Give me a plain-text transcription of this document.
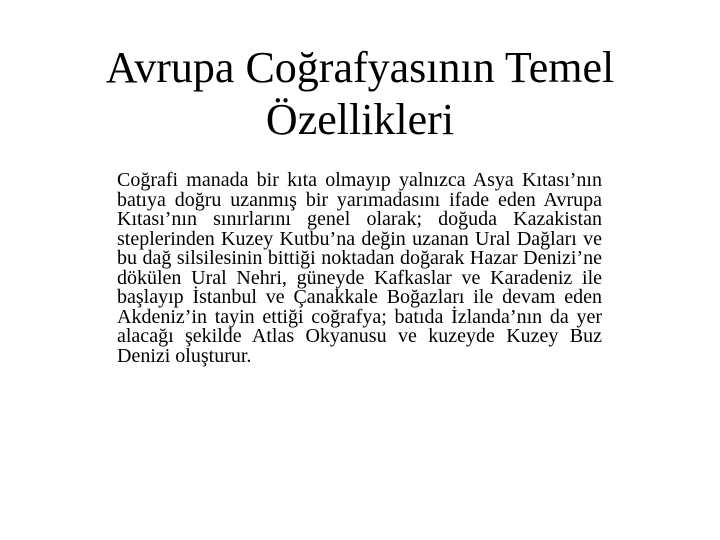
Avrupa Coğrafyasının Temel Özellikleri

Coğrafi manada bir kıta olmayıp yalnızca Asya Kıtası’nın batıya doğru uzanmış bir yarımadasını ifade eden Avrupa Kıtası’nın sınırlarını genel olarak; doğuda Kazakistan steplerinden Kuzey Kutbu’na değin uzanan Ural Dağları ve bu dağ silsilesinin bittiği noktadan doğarak Hazar Denizi’ne dökülen Ural Nehri, güneyde Kafkaslar ve Karadeniz ile başlayıp İstanbul ve Çanakkale Boğazları ile devam eden Akdeniz’in tayin ettiği coğrafya; batıda İzlanda’nın da yer alacağı şekilde Atlas Okyanusu ve kuzeyde Kuzey Buz Denizi oluşturur.
